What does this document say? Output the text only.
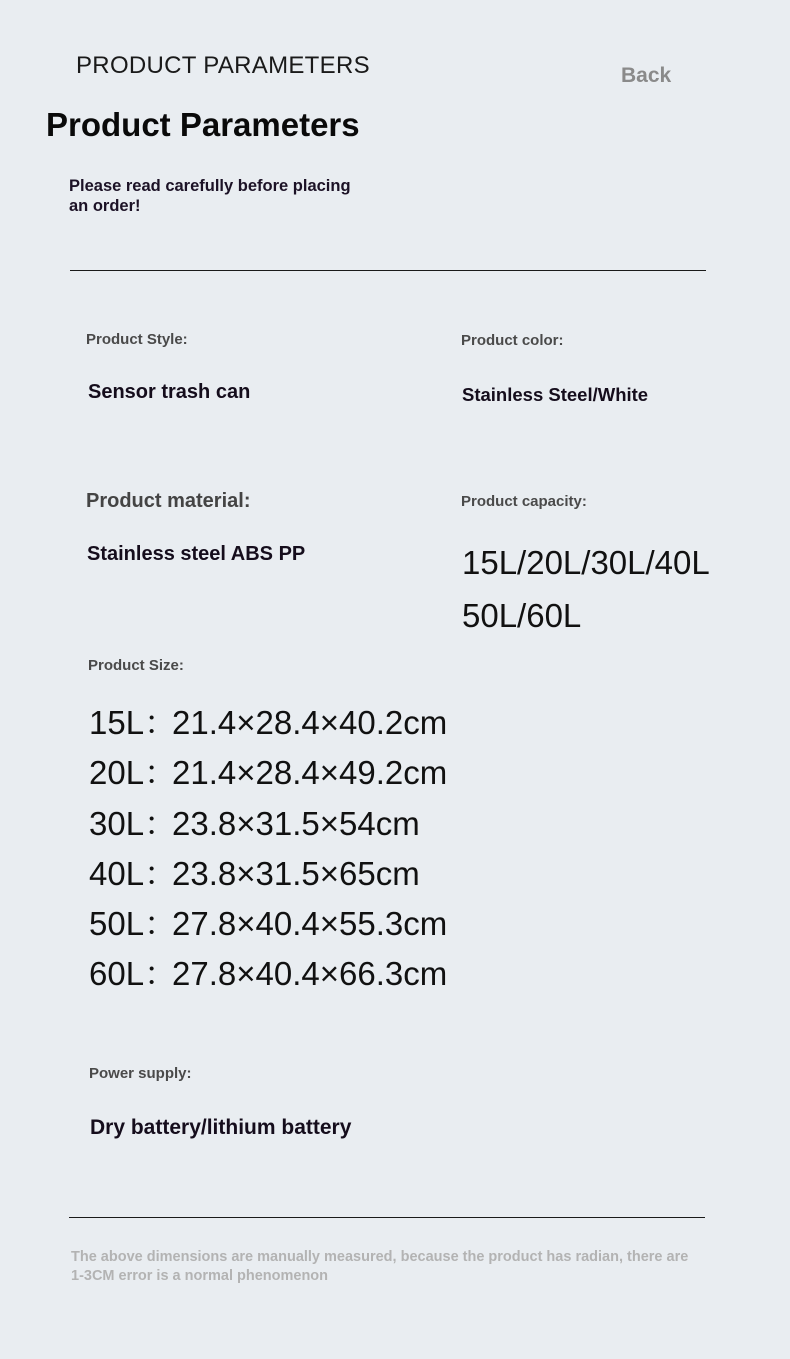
PRODUCT PARAMETERS	Back
Product Parameters
Please read carefully before placing
an order!
Product Style:
Sensor trash can
Product color:
Stainless Steel/White
Product material:
Stainless steel ABS PP
Product capacity:
15L/20L/30L/40L
50L/60L
Product Size:
15L：21.4×28.4×40.2cm
20L：21.4×28.4×49.2cm
30L：23.8×31.5×54cm
40L：23.8×31.5×65cm
50L：27.8×40.4×55.3cm
60L：27.8×40.4×66.3cm
Power supply:
Dry battery/lithium battery
The above dimensions are manually measured, because the product has radian, there are
1-3CM error is a normal phenomenon
